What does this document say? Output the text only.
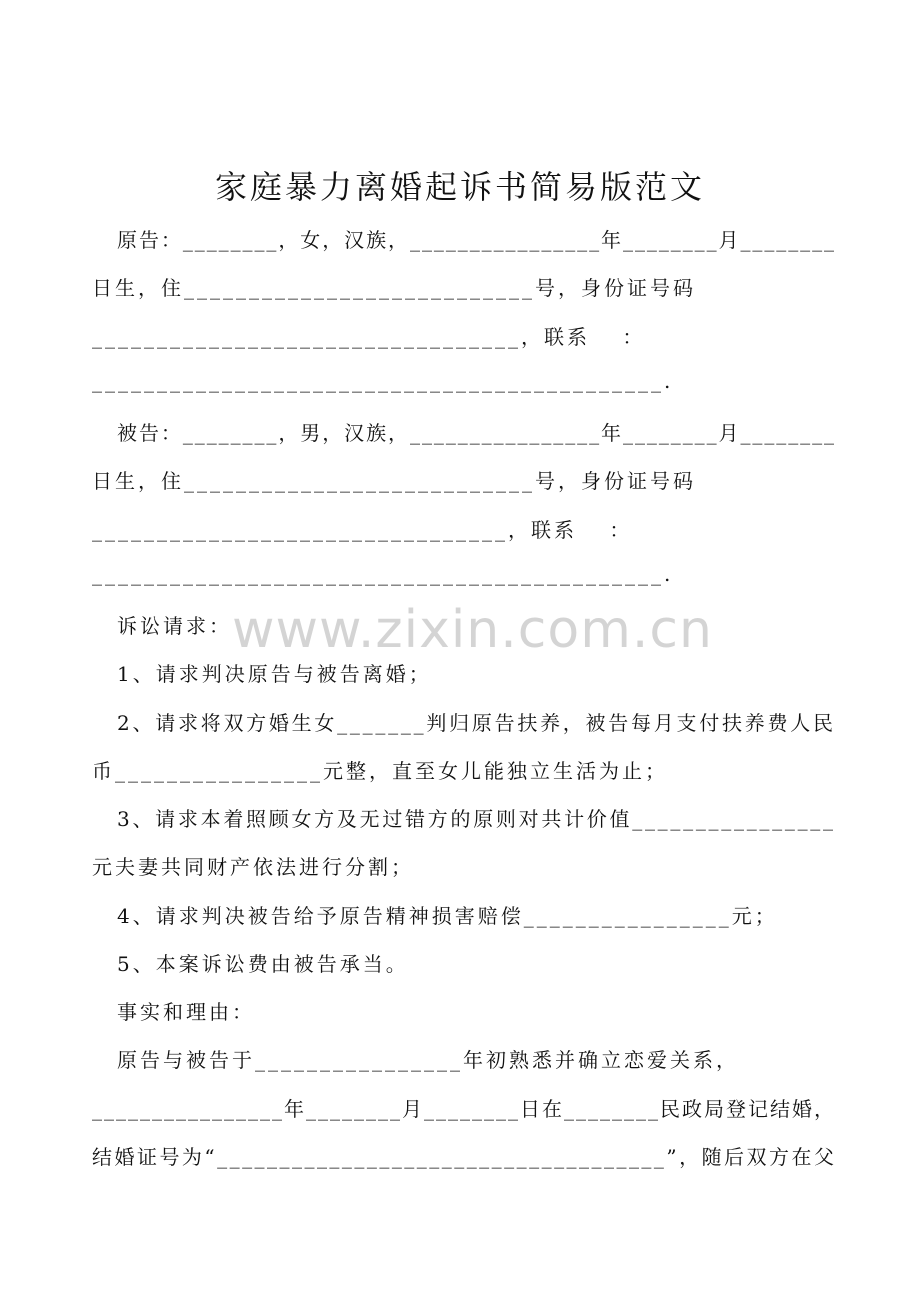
家庭暴力离婚起诉书简易版范文
原告：________，女，汉族，________________年________月________
日生，住___________________________号，身份证号码
_________________________________，联系　 ：
____________________________________________.
被告：________，男，汉族，________________年________月________
日生，住___________________________号，身份证号码
________________________________，联系　 ：
____________________________________________.
www.zixin.com.cn
诉讼请求：
1、请求判决原告与被告离婚；
2、请求将双方婚生女_______判归原告扶养，被告每月支付扶养费人民
币________________元整，直至女儿能独立生活为止；
3、请求本着照顾女方及无过错方的原则对共计价值________________
元夫妻共同财产依法进行分割；
4、请求判决被告给予原告精神损害赔偿________________元；
5、本案诉讼费由被告承当。
事实和理由：
原告与被告于________________年初熟悉并确立恋爱关系，
________________年________月________日在________民政局登记结婚，
结婚证号为“____________________________________”，随后双方在父
